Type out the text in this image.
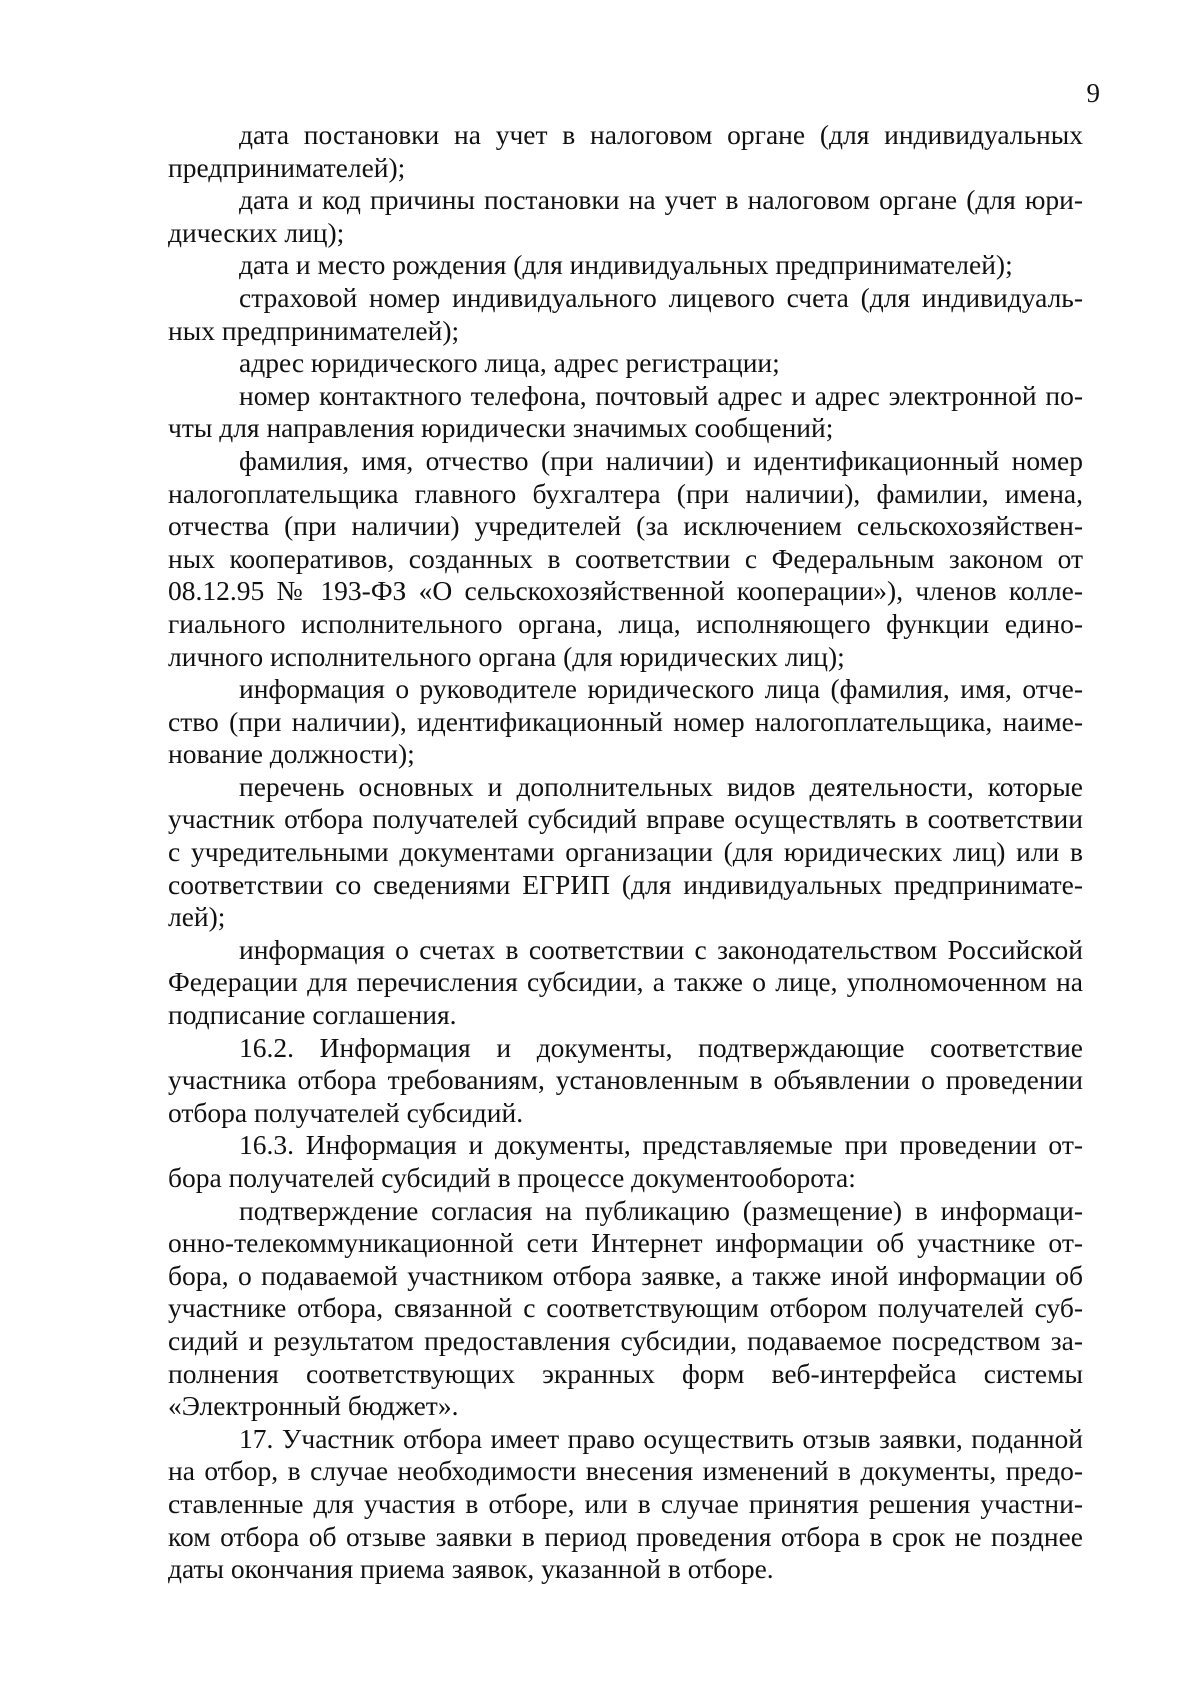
9
дата постановки на учет в налоговом органе (для индивидуальных
предпринимателей);
дата и код причины постановки на учет в налоговом органе (для юри-
дических лиц);
дата и место рождения (для индивидуальных предпринимателей);
страховой номер индивидуального лицевого счета (для индивидуаль-
ных предпринимателей);
адрес юридического лица, адрес регистрации;
номер контактного телефона, почтовый адрес и адрес электронной по-
чты для направления юридически значимых сообщений;
фамилия, имя, отчество (при наличии) и идентификационный номер
налогоплательщика главного бухгалтера (при наличии), фамилии, имена,
отчества (при наличии) учредителей (за исключением сельскохозяйствен-
ных кооперативов, созданных в соответствии с Федеральным законом от
08.12.95 № 193-ФЗ «О сельскохозяйственной кооперации»), членов колле-
гиального исполнительного органа, лица, исполняющего функции едино-
личного исполнительного органа (для юридических лиц);
информация о руководителе юридического лица (фамилия, имя, отче-
ство (при наличии), идентификационный номер налогоплательщика, наиме-
нование должности);
перечень основных и дополнительных видов деятельности, которые
участник отбора получателей субсидий вправе осуществлять в соответствии
с учредительными документами организации (для юридических лиц) или в
соответствии со сведениями ЕГРИП (для индивидуальных предпринимате-
лей);
информация о счетах в соответствии с законодательством Российской
Федерации для перечисления субсидии, а также о лице, уполномоченном на
подписание соглашения.
16.2. Информация и документы, подтверждающие соответствие
участника отбора требованиям, установленным в объявлении о проведении
отбора получателей субсидий.
16.3. Информация и документы, представляемые при проведении от-
бора получателей субсидий в процессе документооборота:
подтверждение согласия на публикацию (размещение) в информаци-
онно-телекоммуникационной сети Интернет информации об участнике от-
бора, о подаваемой участником отбора заявке, а также иной информации об
участнике отбора, связанной с соответствующим отбором получателей суб-
сидий и результатом предоставления субсидии, подаваемое посредством за-
полнения соответствующих экранных форм веб-интерфейса системы
«Электронный бюджет».
17. Участник отбора имеет право осуществить отзыв заявки, поданной
на отбор, в случае необходимости внесения изменений в документы, предо-
ставленные для участия в отборе, или в случае принятия решения участни-
ком отбора об отзыве заявки в период проведения отбора в срок не позднее
даты окончания приема заявок, указанной в отборе.
